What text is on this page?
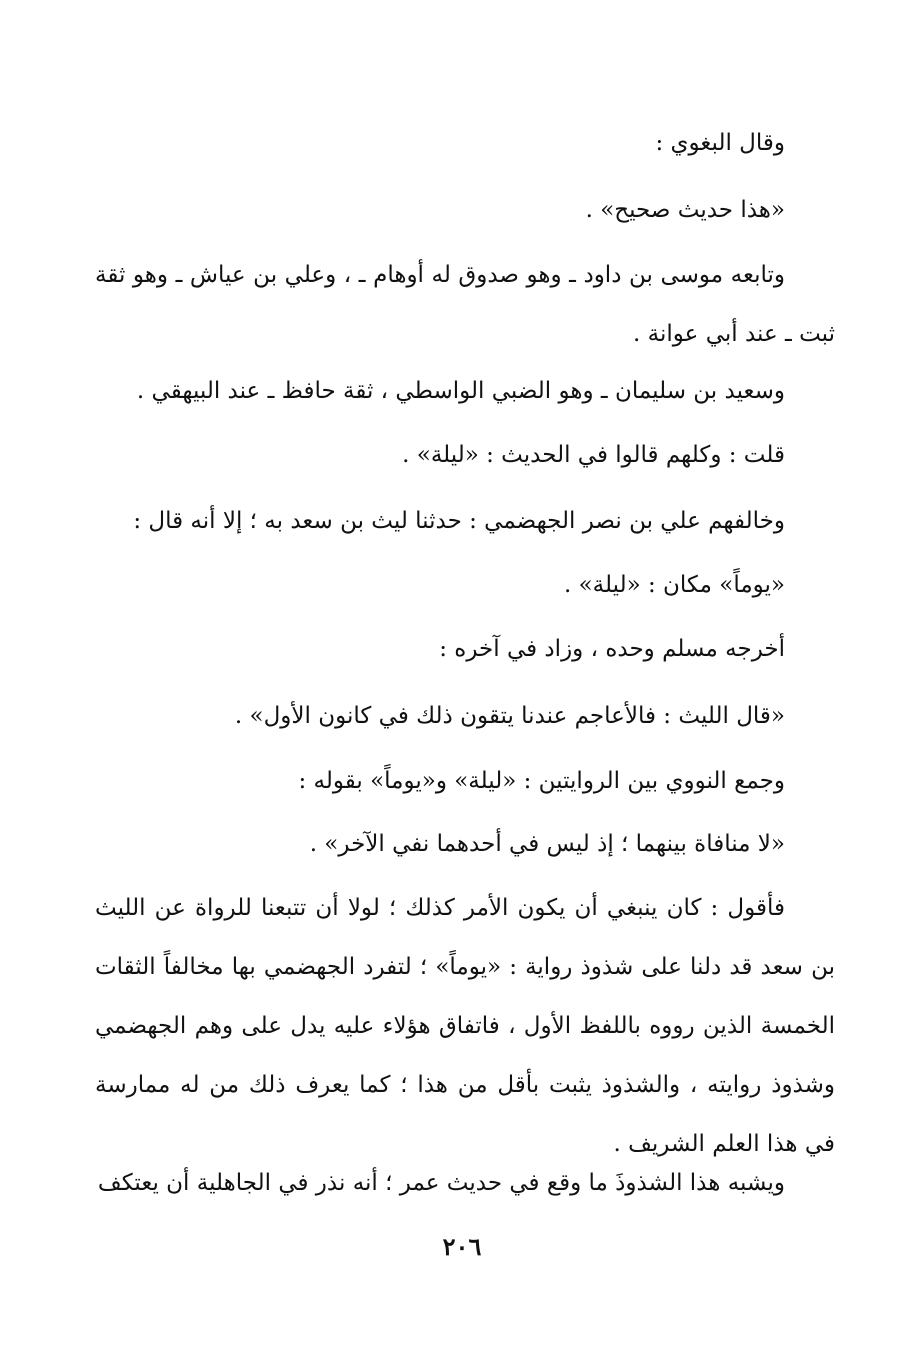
وقال البغوي :

«هذا حديث صحيح» .

وتابعه موسى بن داود ـ وهو صدوق له أوهام ـ ، وعلي بن عياش ـ وهو ثقة ثبت ـ عند أبي عوانة .

وسعيد بن سليمان ـ وهو الضبي الواسطي ، ثقة حافظ ـ عند البيهقي .

قلت : وكلهم قالوا في الحديث : «ليلة» .

وخالفهم علي بن نصر الجهضمي : حدثنا ليث بن سعد به ؛ إلا أنه قال :

«يوماً» مكان : «ليلة» .

أخرجه مسلم وحده ، وزاد في آخره :

«قال الليث : فالأعاجم عندنا يتقون ذلك في كانون الأول» .

وجمع النووي بين الروايتين : «ليلة» و«يوماً» بقوله :

«لا منافاة بينهما ؛ إذ ليس في أحدهما نفي الآخر» .

فأقول : كان ينبغي أن يكون الأمر كذلك ؛ لولا أن تتبعنا للرواة عن الليث بن سعد قد دلنا على شذوذ رواية : «يوماً» ؛ لتفرد الجهضمي بها مخالفاً الثقات الخمسة الذين رووه باللفظ الأول ، فاتفاق هؤلاء عليه يدل على وهم الجهضمي وشذوذ روايته ، والشذوذ يثبت بأقل من هذا ؛ كما يعرف ذلك من له ممارسة في هذا العلم الشريف .

ويشبه هذا الشذوذَ ما وقع في حديث عمر ؛ أنه نذر في الجاهلية أن يعتكف

٢٠٦
